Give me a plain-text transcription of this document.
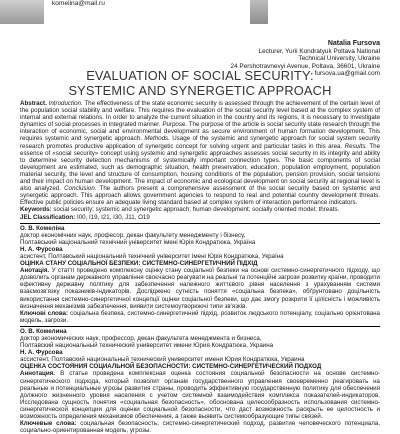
komelina@mail.ru
Natalia Fursova
Lecturer, Yurii Kondratyuk Poltava National
Technical University, Ukraine
24 Pershotravnevyi Avenue, Poltava, 36601, Ukraine
fursova.ua@gmail.com
EVALUATION OF SOCIAL SECURITY:
SYSTEMIC AND SYNERGETIC APPROACH

Abstract. Introduction. The effectiveness of the state economic security is assessed through the achievement of the certain level of the population social stability and welfare. This requires the evaluation of the social security level based at the complex system of internal and external relations. In order to analyze the current situation in the country and its regions, it is necessary to investigate dynamics of social processes in integrated manner. Purpose. The purpose of the article is social security state research through the interaction of economic, social and environmental development as secure environment of human formation development. This requires systemic and synergetic approach. Methods. Usage of the systemic and synergetic approach for social system security research promotes productive application of synergetic concept for solving urgent and particular tasks in this area. Results. The essence of «social security» concept using systemic and synergetic approaches assesses social security in its integrity and ability to determine security detection mechanisms of systemically important connection types. The basic components of social development are estimated, such as demographic situation, health preservation, education, population employment, population material security, the level and structure of consumption, housing conditions of the population, pension provision, social tensions and their impact on human development. The impact of economic and ecological development on social security at regional level is also analyzed. Conclusion. The authors present a comprehensive assessment of the social security based on systemic and synergetic approach. This approach allows government agencies to respond to real and potential country development threats. Effective public policies ensure an adequate living standard based at complex system of interaction performance indicators.

Keywords: social security; systemic and synergetic approach; human development; socially oriented model; threats.

JEL Classіfication: I00, I19, I21, I30, J11, O19

О. В. Комеліна

доктор економічних наук, професор, декан факультету менеджменту і бізнесу,

Полтавський національний технічний університет імені Юрія Кондратюка, Україна

Н. А. Фурсова

асистент, Полтавський національний технічний університет імені Юрія Кондратюка, Україна

ОЦІНКА СТАНУ СОЦІАЛЬНОЇ БЕЗПЕКИ: СИСТЕМНО-СИНЕРГЕТИЧНИЙ ПІДХІД

Анотація. У статті проведено комплексну оцінку стану соціальної безпеки на основі системно-синергетичного підходу, що дозволить органам державного управління своєчасно реагувати на реальні та потенційні загрози розвитку країни, проводити ефективну державну політику для забезпечення належного життєвого рівня населення з урахуванням системи взаємозв'язку показників-індикаторів. Досліджено сутність поняття «соціальна безпека», обґрунтовано доцільність використання системно-синергетичної концепції оцінки соціальної безпеки, що дає змогу розкрити її цілісність і можливість визначення механізмів забезпечення, виявити системоутворюючі типи зв'язків.

Ключові слова: соціальна безпека, системно-синергетичний підхід, розвиток людського потенціалу, соціально орієнтована модель, загрози.

О. В. Комелина

доктор экономических наук, профессор, декан факультета менеджмента и бизнеса,

Полтавский национальный технический университет имени Юрия Кондратюка, Украина

Н. А. Фурсова

ассистент, Полтавский национальный технический университет имени Юрия Кондратюка, Украина

ОЦЕНКА СОСТОЯНИЯ СОЦИАЛЬНОЙ БЕЗОПАСНОСТИ: СИСТЕМНО-СИНЕРГЕТИЧЕСКИЙ ПОДХОД

Аннотация. В статье проведена комплексная оценка состояния социальной безопасности на основе системно-синергетического подхода, который позволит органам государственного управления своевременно реагировать на реальные и потенциальные угрозы развития страны, проводить эффективную государственную политику для обеспечения должного жизненного уровня населения с учетом системной взаимодействия комплекса показателей-индикаторов. Исследована сущность понятия «социальная безопасность», обоснована целесообразность использования системно-синергетической концепции для оценки социальной безопасности, что даст возможность раскрыть ее целостность и возможность определения механизмов обеспечения, а также выявить системообразующие типы связей.

Ключевые слова: социальная безопасность, системно-синергетический подход, развитие человеческого потенциала, социально-ориентированная модель, угрозы.
